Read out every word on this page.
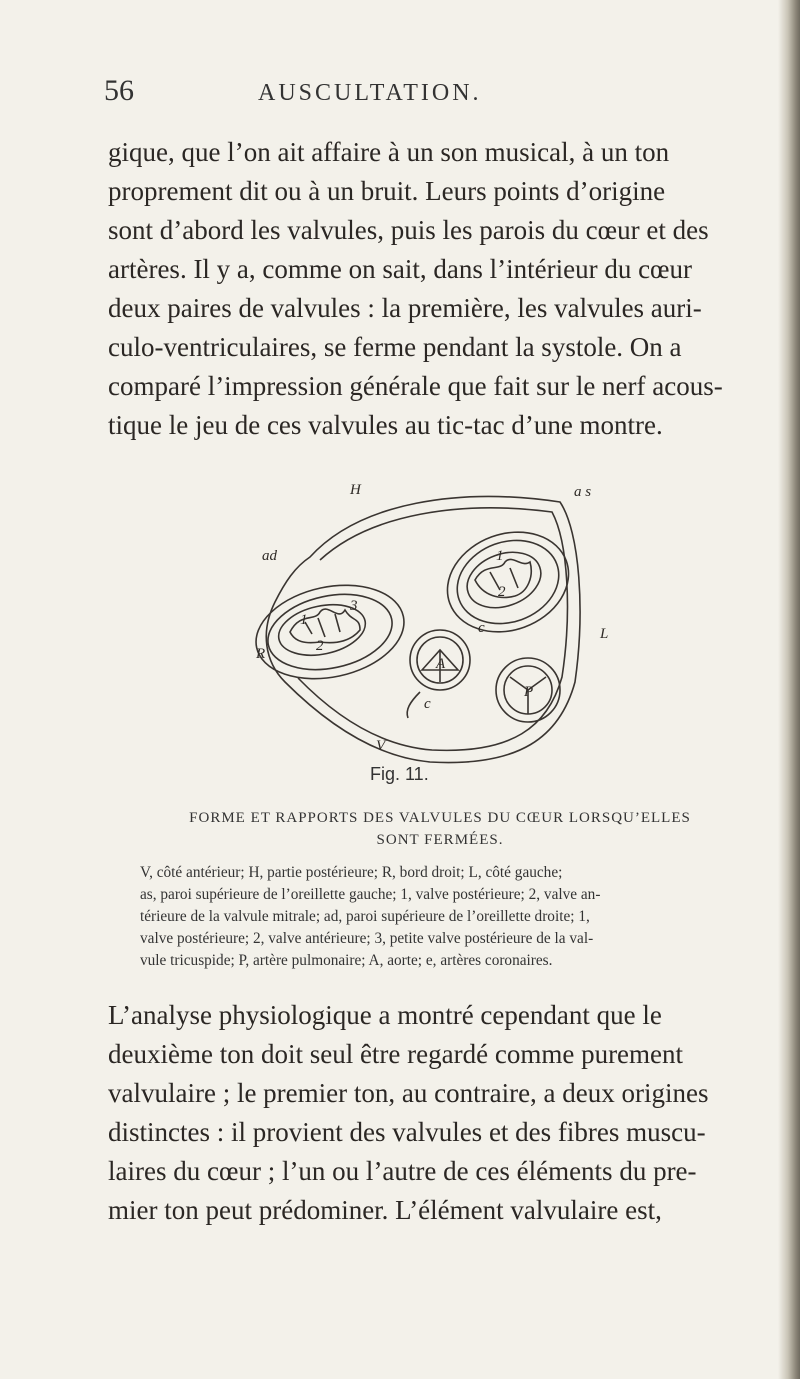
56	AUSCULTATION.
gique, que l’on ait affaire à un son musical, à un ton
proprement dit ou à un bruit. Leurs points d’origine
sont d’abord les valvules, puis les parois du cœur et des
artères. Il y a, comme on sait, dans l’intérieur du cœur
deux paires de valvules : la première, les valvules auri-
culo-ventriculaires, se ferme pendant la systole. On a
comparé l’impression générale que fait sur le nerf acous-
tique le jeu de ces valvules au tic-tac d’une montre.
H	a s
ad
R
L
V
c
c
1
2
1
2
3
P
A
Fig. 11.
FORME ET RAPPORTS DES VALVULES DU CŒUR LORSQU’ELLES
SONT FERMÉES.
V, côté antérieur; H, partie postérieure; R, bord droit; L, côté gauche;
as, paroi supérieure de l’oreillette gauche; 1, valve postérieure; 2, valve an-
térieure de la valvule mitrale; ad, paroi supérieure de l’oreillette droite; 1,
valve postérieure; 2, valve antérieure; 3, petite valve postérieure de la val-
vule tricuspide; P, artère pulmonaire; A, aorte; e, artères coronaires.
L’analyse physiologique a montré cependant que le
deuxième ton doit seul être regardé comme purement
valvulaire ; le premier ton, au contraire, a deux origines
distinctes : il provient des valvules et des fibres muscu-
laires du cœur ; l’un ou l’autre de ces éléments du pre-
mier ton peut prédominer. L’élément valvulaire est,
